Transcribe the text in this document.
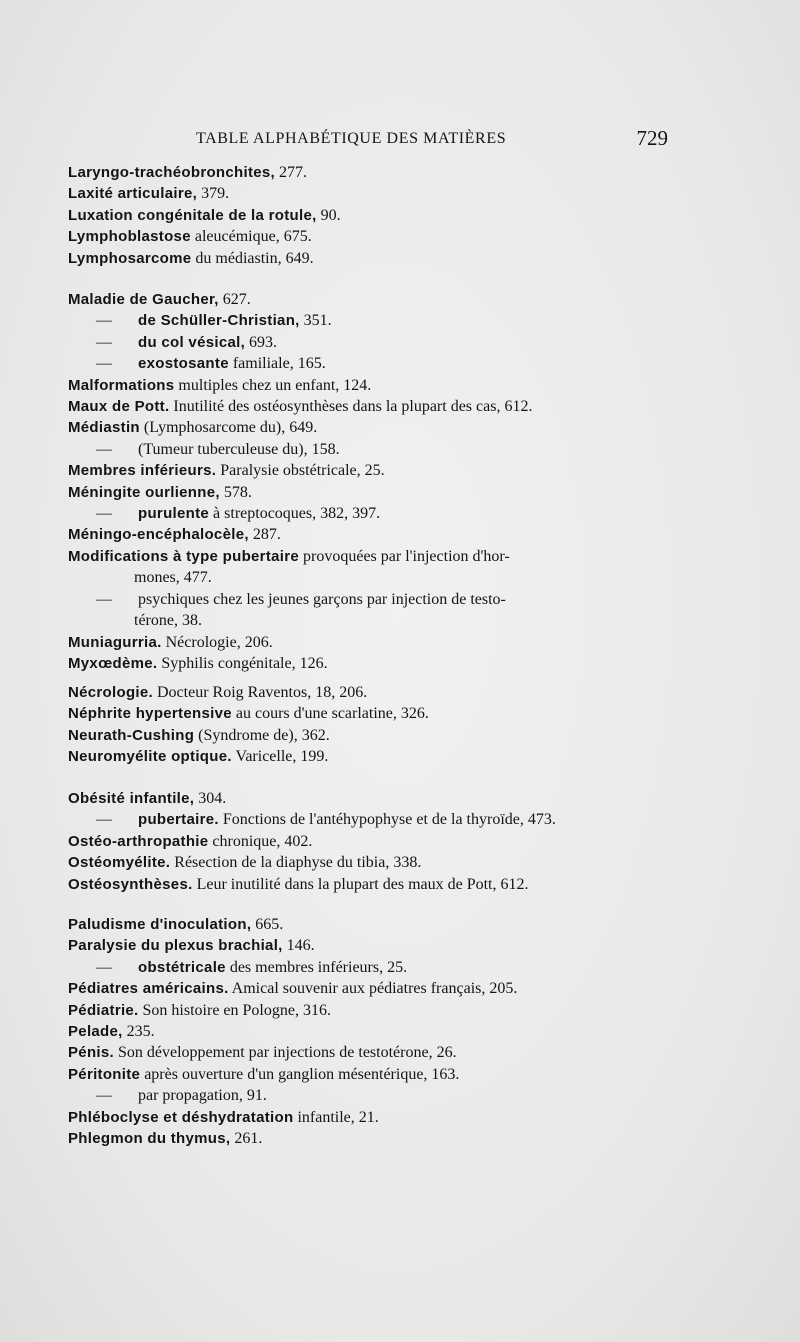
TABLE ALPHABÉTIQUE DES MATIÈRES	729
Laryngo-trachéobronchites, 277.
Laxité articulaire, 379.
Luxation congénitale de la rotule, 90.
Lymphoblastose aleucémique, 675.
Lymphosarcome du médiastin, 649.
Maladie de Gaucher, 627.
— de Schüller-Christian, 351.
— du col vésical, 693.
— exostosante familiale, 165.
Malformations multiples chez un enfant, 124.
Maux de Pott. Inutilité des ostéosynthèses dans la plupart des cas, 612.
Médiastin (Lymphosarcome du), 649.
— (Tumeur tuberculeuse du), 158.
Membres inférieurs. Paralysie obstétricale, 25.
Méningite ourlienne, 578.
— purulente à streptocoques, 382, 397.
Méningo-encéphalocèle, 287.
Modifications à type pubertaire provoquées par l'injection d'hor-
mones, 477.
— psychiques chez les jeunes garçons par injection de testo-
térone, 38.
Muniagurria. Nécrologie, 206.
Myxœdème. Syphilis congénitale, 126.
Nécrologie. Docteur Roig Raventos, 18, 206.
Néphrite hypertensive au cours d'une scarlatine, 326.
Neurath-Cushing (Syndrome de), 362.
Neuromyélite optique. Varicelle, 199.
Obésité infantile, 304.
— pubertaire. Fonctions de l'antéhypophyse et de la thyroïde, 473.
Ostéo-arthropathie chronique, 402.
Ostéomyélite. Résection de la diaphyse du tibia, 338.
Ostéosynthèses. Leur inutilité dans la plupart des maux de Pott, 612.
Paludisme d'inoculation, 665.
Paralysie du plexus brachial, 146.
— obstétricale des membres inférieurs, 25.
Pédiatres américains. Amical souvenir aux pédiatres français, 205.
Pédiatrie. Son histoire en Pologne, 316.
Pelade, 235.
Pénis. Son développement par injections de testotérone, 26.
Péritonite après ouverture d'un ganglion mésentérique, 163.
— par propagation, 91.
Phléboclyse et déshydratation infantile, 21.
Phlegmon du thymus, 261.
